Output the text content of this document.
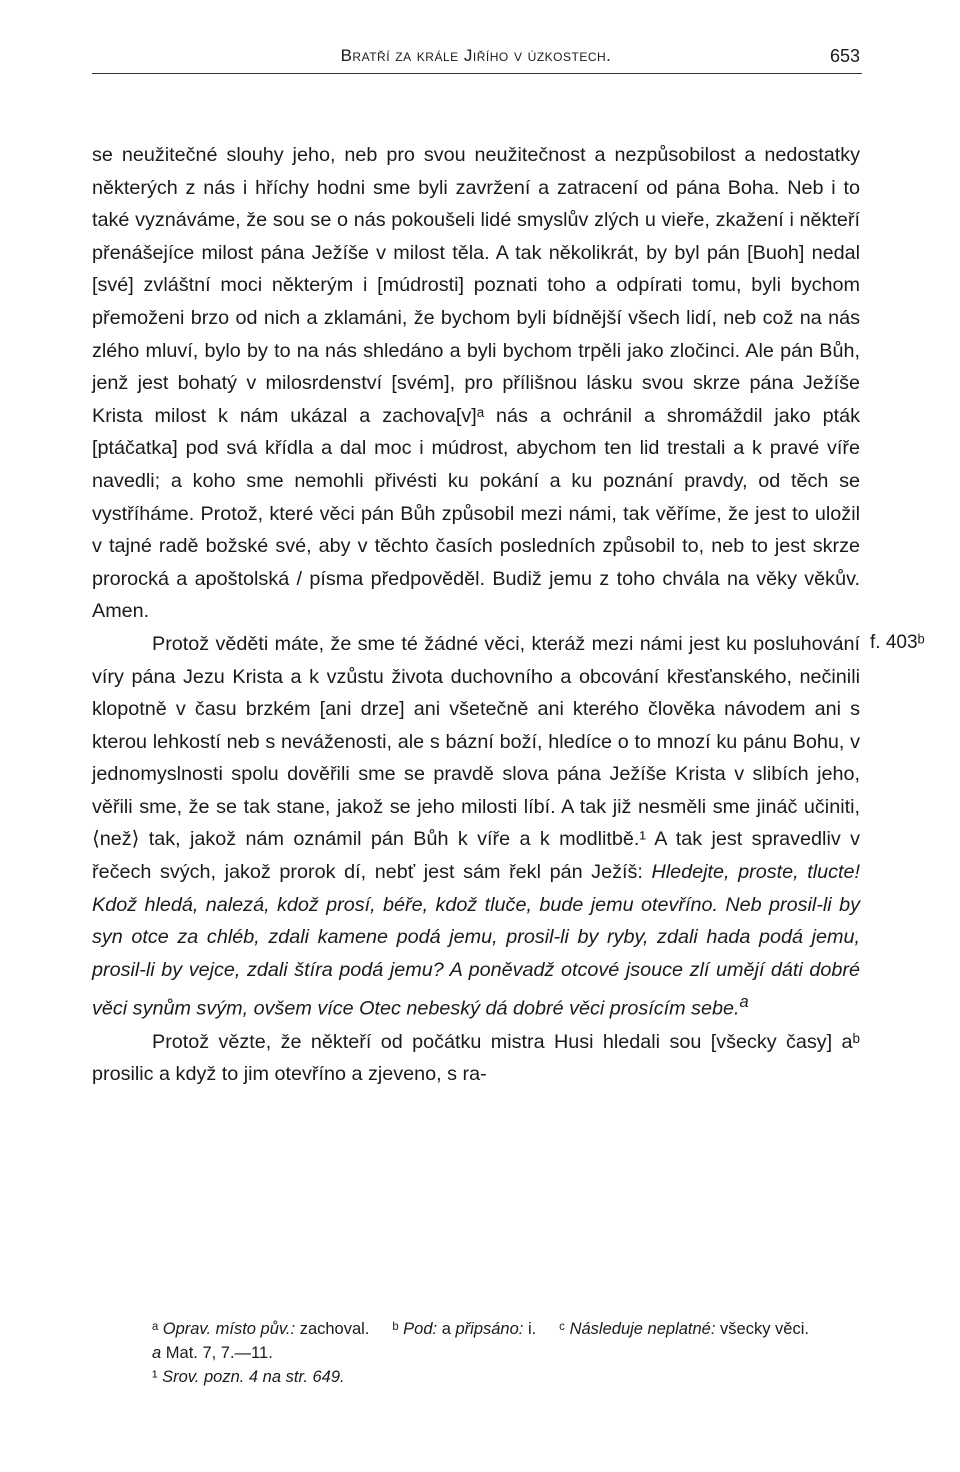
Bratří za krále Jiřího v úzkostech.	653
f. 403ᵇ

se neužitečné slouhy jeho, neb pro svou neužitečnost a nezpůsobilost a nedostatky některých z nás i hříchy hodni sme byli zavržení a zatracení od pána Boha. Neb i to také vyznáváme, že sou se o nás pokoušeli lidé smyslův zlých u vieře, zkažení i někteří přenášejíce milost pána Ježíše v milost těla. A tak několikrát, by byl pán [Buoh] nedal [své] zvláštní moci některým i [múdrosti] poznati toho a odpírati tomu, byli bychom přemoženi brzo od nich a zklamáni, že bychom byli bídnější všech lidí, neb což na nás zlého mluví, bylo by to na nás shledáno a byli bychom trpěli jako zločinci. Ale pán Bůh, jenž jest bohatý v milosrdenství [svém], pro přílišnou lásku svou skrze pána Ježíše Krista milost k nám ukázal a zachova[v]ᵃ nás a ochránil a shromáždil jako pták [ptáčatka] pod svá křídla a dal moc i múdrost, abychom ten lid trestali a k pravé víře navedli; a koho sme nemohli přivésti ku pokání a ku poznání pravdy, od těch se vystříháme. Protož, které věci pán Bůh způsobil mezi námi, tak věříme, že jest to uložil v tajné radě božské své, aby v těchto časích posledních způsobil to, neb to jest skrze prorocká a apoštolská / písma předpověděl. Budiž jemu z toho chvála na věky věkův. Amen.

Protož věděti máte, že sme té žádné věci, kteráž mezi námi jest ku posluhování víry pána Jezu Krista a k vzůstu života duchovního a obcování křesťanského, nečinili klopotně v času brzkém [ani drze] ani všetečně ani kterého člověka návodem ani s kterou lehkostí neb s neváženosti, ale s bázní boží, hledíce o to mnozí ku pánu Bohu, v jednomyslnosti spolu dověřili sme se pravdě slova pána Ježíše Krista v slibích jeho, věřili sme, že se tak stane, jakož se jeho milosti líbí. A tak již nesměli sme jináč učiniti, ⟨než⟩ tak, jakož nám oznámil pán Bůh k víře a k modlitbě.¹ A tak jest spravedliv v řečech svých, jakož prorok dí, nebť jest sám řekl pán Ježíš: Hledejte, proste, tlucte! Kdož hledá, nalezá, kdož prosí, béře, kdož tluče, bude jemu otevříno. Neb prosil-li by syn otce za chléb, zdali kamene podá jemu, prosil-li by ryby, zdali hada podá jemu, prosil-li by vejce, zdali štíra podá jemu? A poněvadž otcové jsouce zlí umějí dáti dobré věci synům svým, ovšem více Otec nebeský dá dobré věci prosícím sebe.$^a$

Protož vězte, že někteří od počátku mistra Husi hledali sou [všecky časy] aᵇ prosilic a když to jim otevříno a zjeveno, s ra-

ᵃ Oprav. místo pův.: zachoval. ᵇ Pod: a připsáno: i. ᶜ Následuje neplatné: všecky věci.
a Mat. 7, 7.—11.
¹ Srov. pozn. 4 na str. 649.
